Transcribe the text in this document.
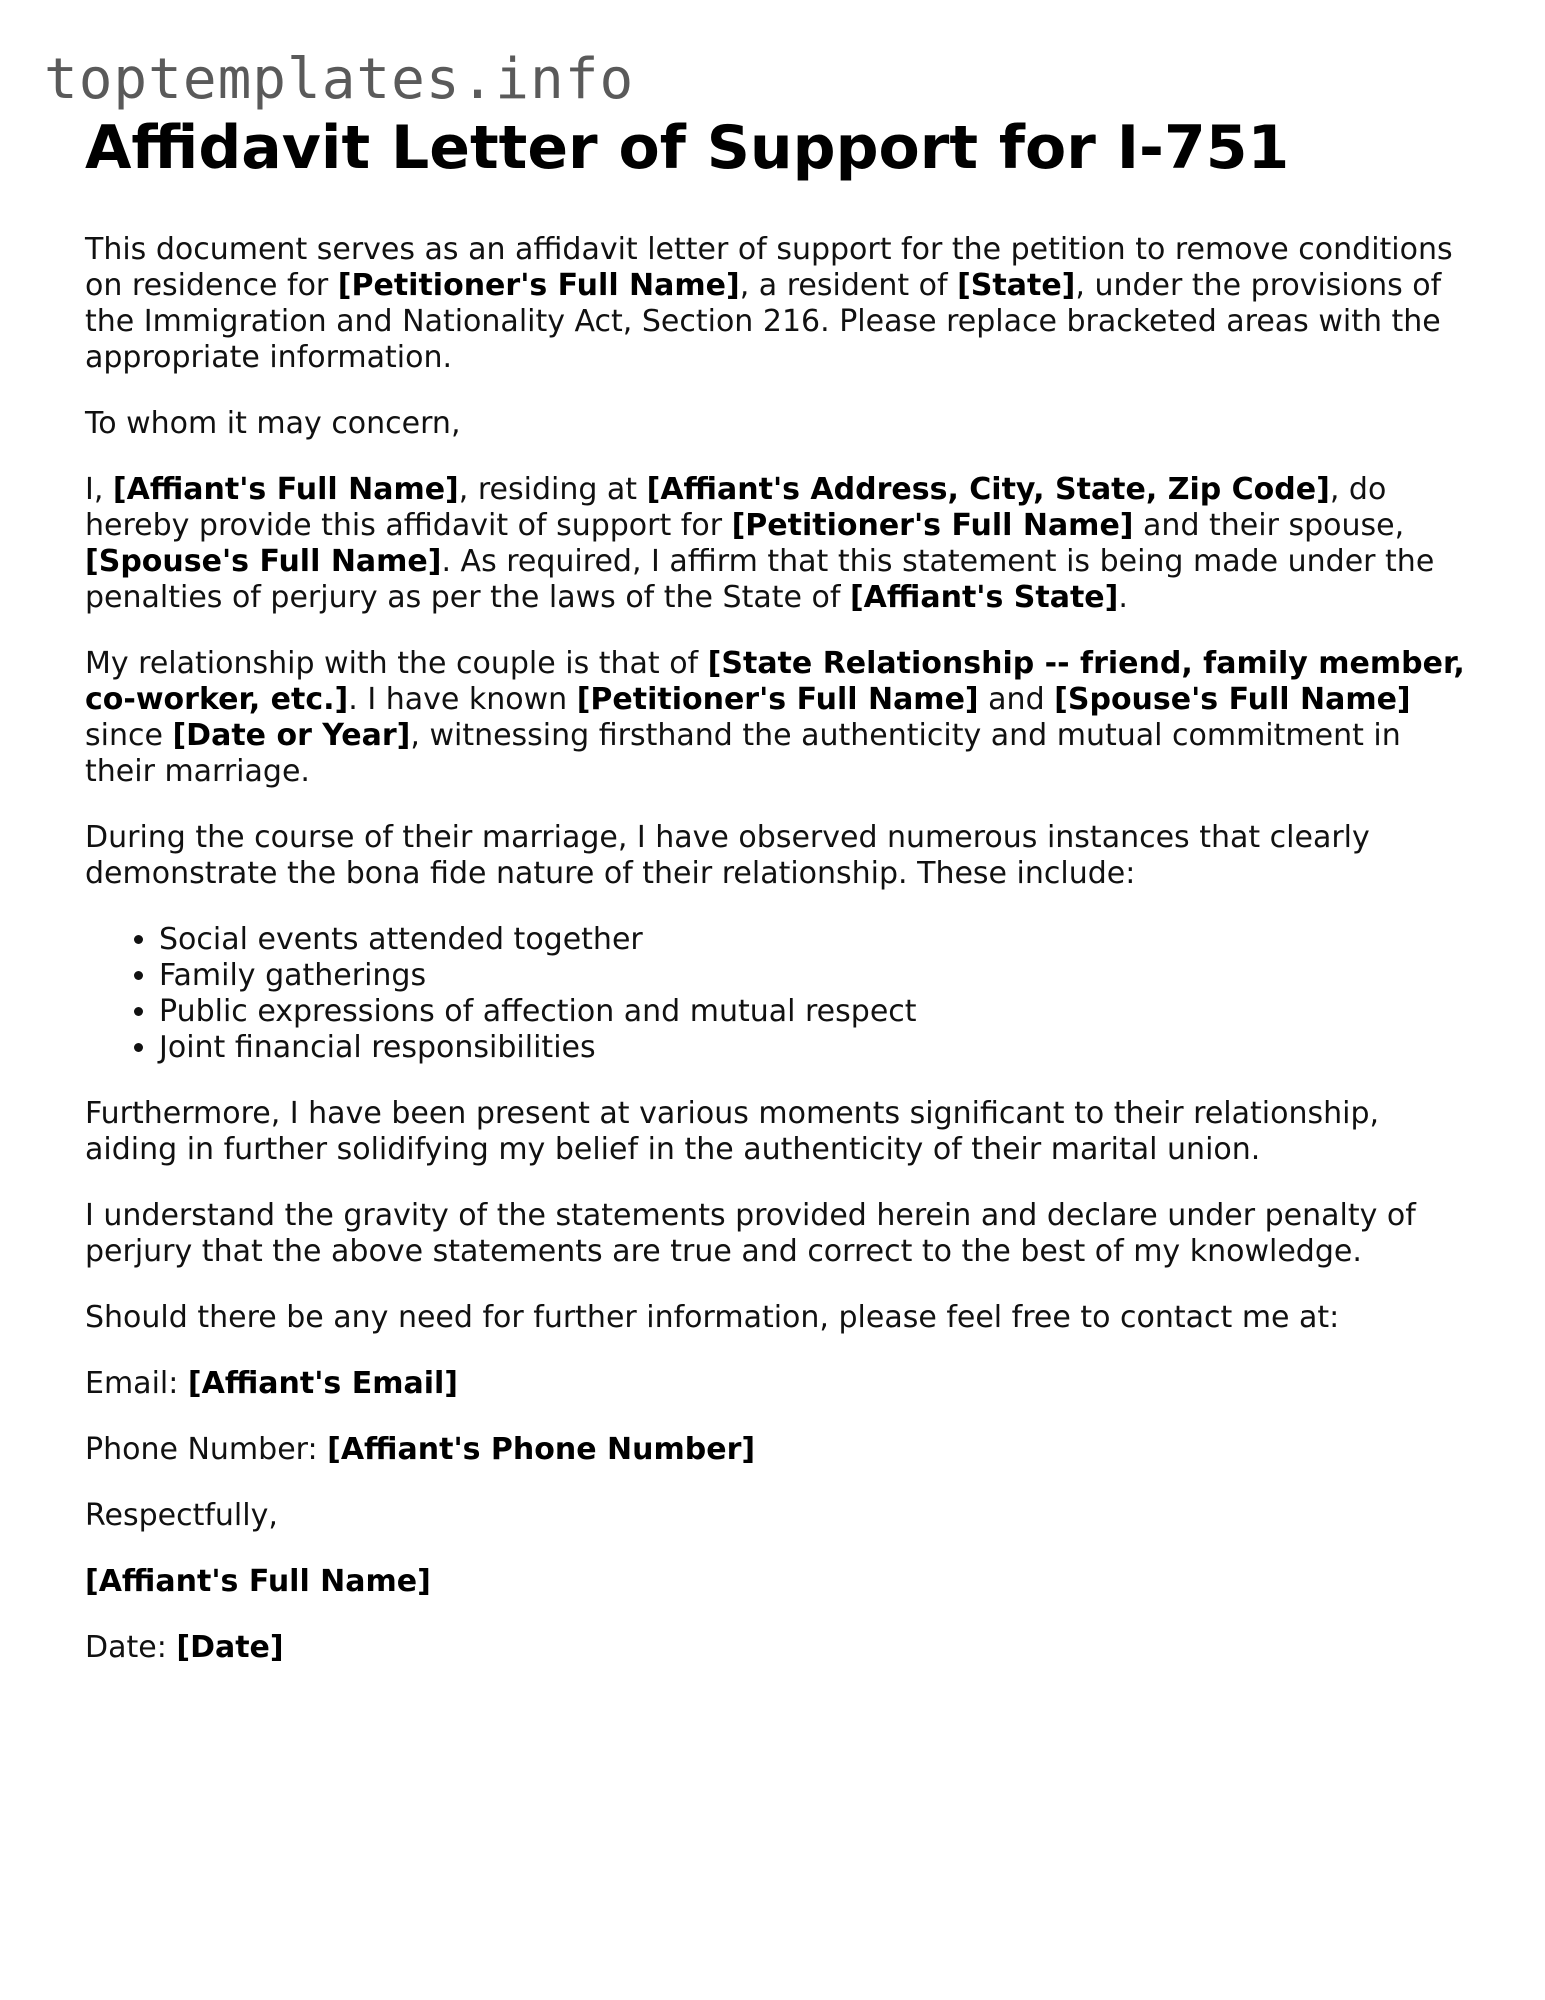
toptemplates.info
Affidavit Letter of Support for I-751

This document serves as an affidavit letter of support for the petition to remove conditions on residence for [Petitioner's Full Name], a resident of [State], under the provisions of the Immigration and Nationality Act, Section 216. Please replace bracketed areas with the appropriate information.

To whom it may concern,

I, [Affiant's Full Name], residing at [Affiant's Address, City, State, Zip Code], do hereby provide this affidavit of support for [Petitioner's Full Name] and their spouse, [Spouse's Full Name]. As required, I affirm that this statement is being made under the penalties of perjury as per the laws of the State of [Affiant's State].

My relationship with the couple is that of [State Relationship -- friend, family member, co-worker, etc.]. I have known [Petitioner's Full Name] and [Spouse's Full Name] since [Date or Year], witnessing firsthand the authenticity and mutual commitment in their marriage.

During the course of their marriage, I have observed numerous instances that clearly demonstrate the bona fide nature of their relationship. These include:

• Social events attended together
• Family gatherings
• Public expressions of affection and mutual respect
• Joint financial responsibilities

Furthermore, I have been present at various moments significant to their relationship, aiding in further solidifying my belief in the authenticity of their marital union.

I understand the gravity of the statements provided herein and declare under penalty of perjury that the above statements are true and correct to the best of my knowledge.

Should there be any need for further information, please feel free to contact me at:

Email: [Affiant's Email]

Phone Number: [Affiant's Phone Number]

Respectfully,

[Affiant's Full Name]

Date: [Date]
